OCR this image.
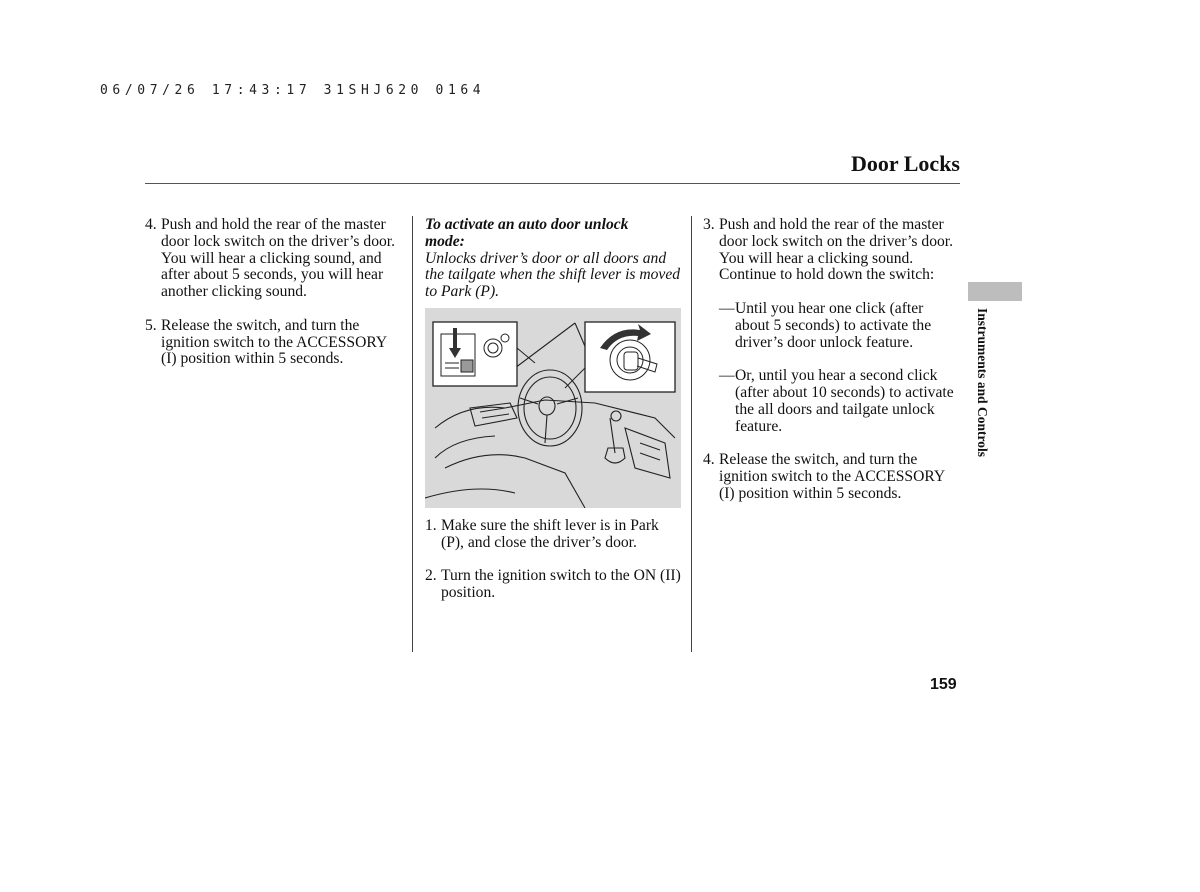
06/07/26 17:43:17 31SHJ620 0164
Door Locks
4. Push and hold the rear of the master door lock switch on the driver’s door. You will hear a clicking sound, and after about 5 seconds, you will hear another clicking sound.
5. Release the switch, and turn the ignition switch to the ACCESSORY (I) position within 5 seconds.
To activate an auto door unlock mode:
Unlocks driver’s door or all doors and the tailgate when the shift lever is moved to Park (P).
1. Make sure the shift lever is in Park (P), and close the driver’s door.
2. Turn the ignition switch to the ON (II) position.
3. Push and hold the rear of the master door lock switch on the driver’s door. You will hear a clicking sound. Continue to hold down the switch:
— Until you hear one click (after about 5 seconds) to activate the driver’s door unlock feature.
— Or, until you hear a second click (after about 10 seconds) to activate the all doors and tailgate unlock feature.
4. Release the switch, and turn the ignition switch to the ACCESSORY (I) position within 5 seconds.
Instruments and Controls
159
